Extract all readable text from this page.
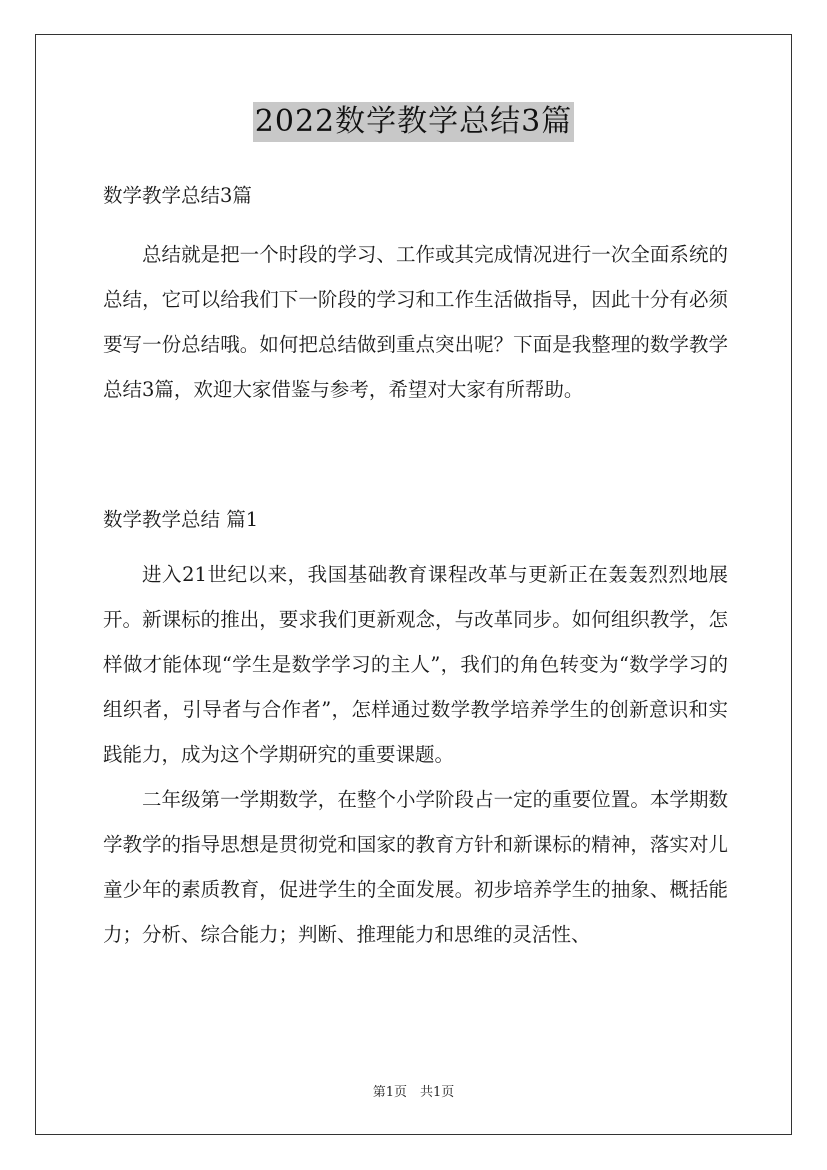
2022数学教学总结3篇
数学教学总结3篇

总结就是把一个时段的学习、工作或其完成情况进行一次全面系统的总结，它可以给我们下一阶段的学习和工作生活做指导，因此十分有必须要写一份总结哦。如何把总结做到重点突出呢？下面是我整理的数学教学总结3篇，欢迎大家借鉴与参考，希望对大家有所帮助。

数学教学总结 篇1

进入21世纪以来，我国基础教育课程改革与更新正在轰轰烈烈地展开。新课标的推出，要求我们更新观念，与改革同步。如何组织教学，怎样做才能体现“学生是数学学习的主人”，我们的角色转变为“数学学习的组织者，引导者与合作者”，怎样通过数学教学培养学生的创新意识和实践能力，成为这个学期研究的重要课题。

二年级第一学期数学，在整个小学阶段占一定的重要位置。本学期数学教学的指导思想是贯彻党和国家的教育方针和新课标的精神，落实对儿童少年的素质教育，促进学生的全面发展。初步培养学生的抽象、概括能力；分析、综合能力；判断、推理能力和思维的灵活性、

第1页　共1页
